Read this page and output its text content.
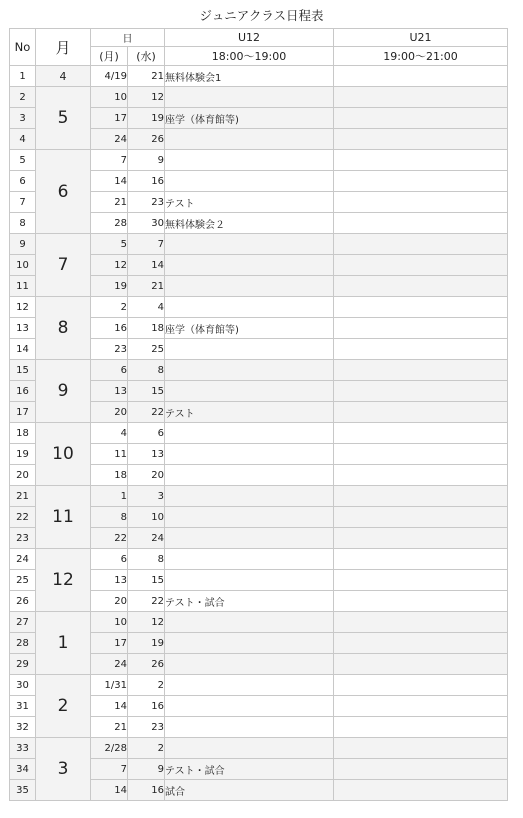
ジュニアクラス日程表
No	月	日		U12	U21
		(月)	(水)	18:00〜19:00	19:00〜21:00
1	4	4/19	21	無料体験会1	
2	5	10	12		
3		17	19	座学（体育館等)	
4		24	26		
5	6	7	9		
6		14	16		
7		21	23	テスト	
8		28	30	無料体験会２	
9	7	5	7		
10		12	14		
11		19	21		
12	8	2	4		
13		16	18	座学（体育館等)	
14		23	25		
15	9	6	8		
16		13	15		
17		20	22	テスト	
18	10	4	6		
19		11	13		
20		18	20		
21	11	1	3		
22		8	10		
23		22	24		
24	12	6	8		
25		13	15		
26		20	22	テスト・試合	
27	1	10	12		
28		17	19		
29		24	26		
30	2	1/31	2		
31		14	16		
32		21	23		
33	3	2/28	2		
34		7	9	テスト・試合	
35		14	16	試合	
